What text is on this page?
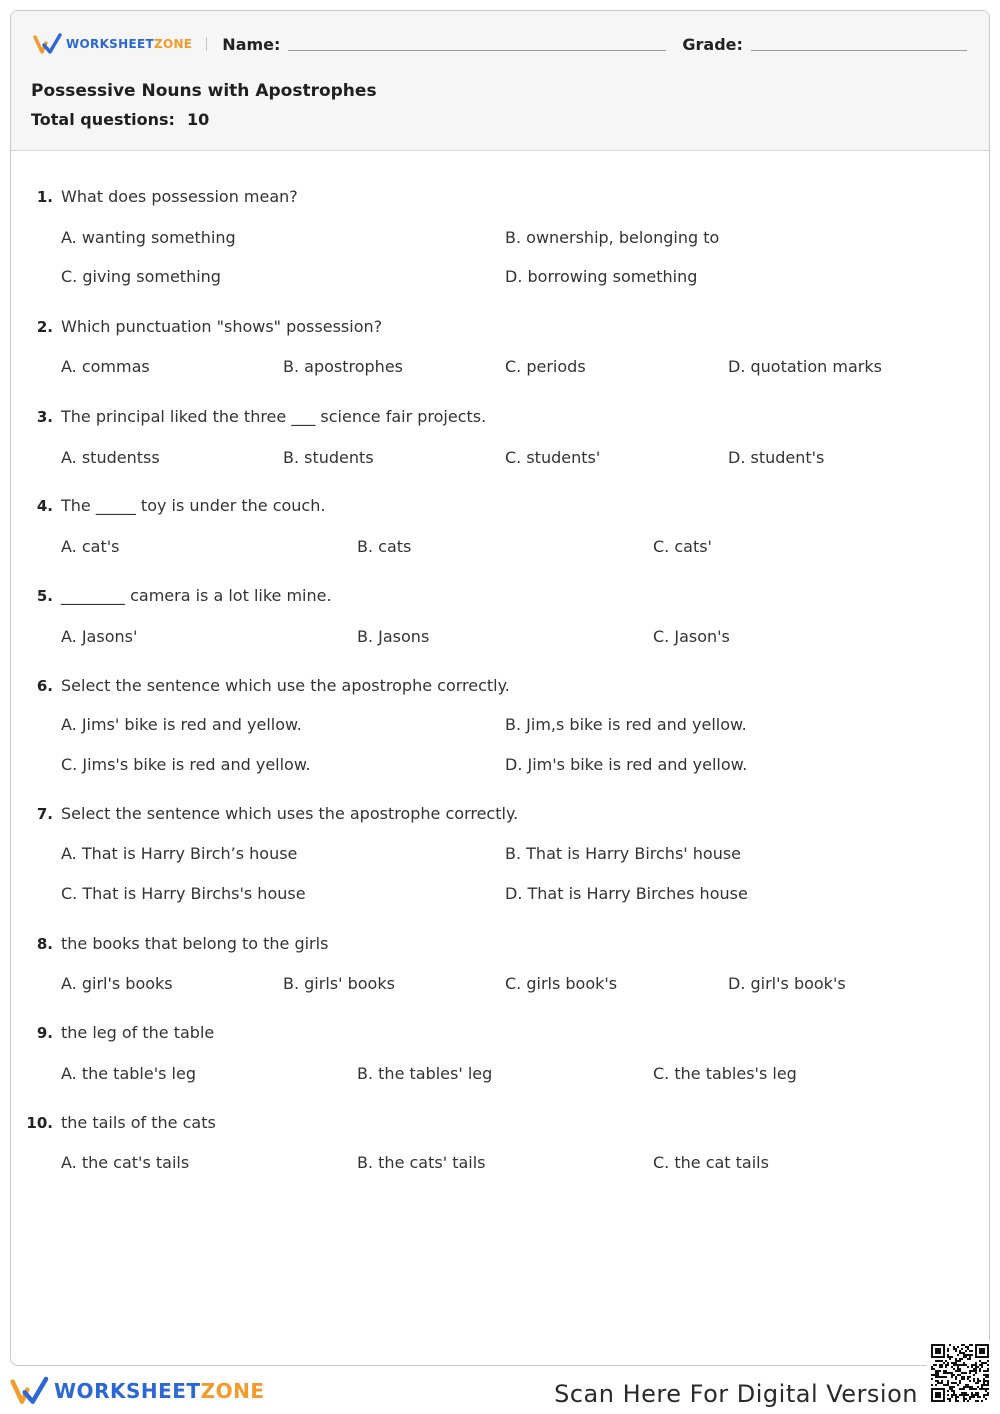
WORKSHEETZONE Name:	Grade:
Possessive Nouns with Apostrophes
Total questions: 10
1. What does possession mean?
A. wanting something	B. ownership, belonging to
C. giving something	D. borrowing something
2. Which punctuation "shows" possession?
A. commas	B. apostrophes	C. periods	D. quotation marks
3. The principal liked the three ___ science fair projects.
A. studentss	B. students	C. students'	D. student's
4. The _____ toy is under the couch.
A. cat's	B. cats	C. cats'
5. ________ camera is a lot like mine.
A. Jasons'	B. Jasons	C. Jason's
6. Select the sentence which use the apostrophe correctly.
A. Jims' bike is red and yellow.	B. Jim,s bike is red and yellow.
C. Jims's bike is red and yellow.	D. Jim's bike is red and yellow.
7. Select the sentence which uses the apostrophe correctly.
A. That is Harry Birch’s house	B. That is Harry Birchs' house
C. That is Harry Birchs's house	D. That is Harry Birches house
8. the books that belong to the girls
A. girl's books	B. girls' books	C. girls book's	D. girl's book's
9. the leg of the table
A. the table's leg	B. the tables' leg	C. the tables's leg
10. the tails of the cats
A. the cat's tails	B. the cats' tails	C. the cat tails
WORKSHEETZONE	Scan Here For Digital Version
